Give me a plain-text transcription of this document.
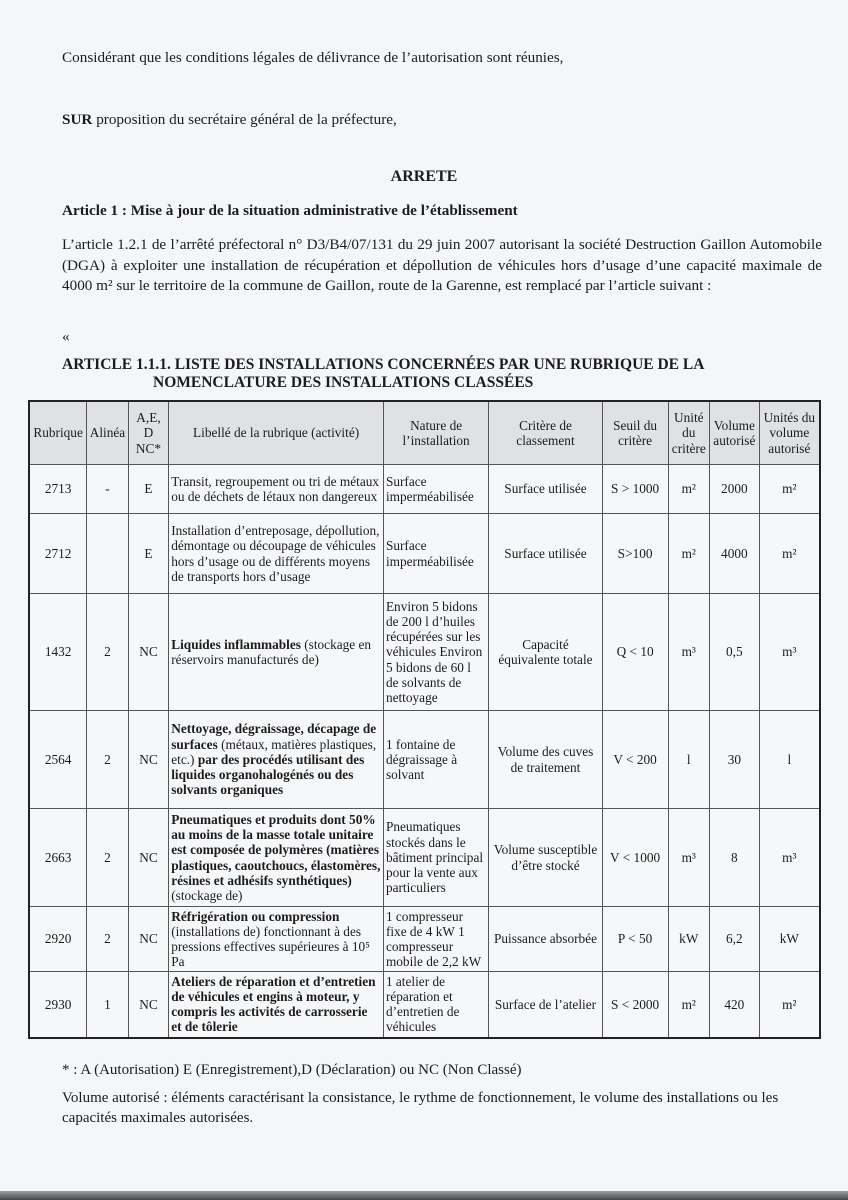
Considérant que les conditions légales de délivrance de l’autorisation sont réunies,
SUR proposition du secrétaire général de la préfecture,
ARRETE
Article 1 : Mise à jour de la situation administrative de l’établissement
L’article 1.2.1 de l’arrêté préfectoral n° D3/B4/07/131 du 29 juin 2007 autorisant la société Destruction Gaillon Automobile (DGA) à exploiter une installation de récupération et dépollution de véhicules hors d’usage d’une capacité maximale de 4000 m² sur le territoire de la commune de Gaillon, route de la Garenne, est remplacé par l’article suivant :
«
ARTICLE 1.1.1. LISTE DES INSTALLATIONS CONCERNÉES PAR UNE RUBRIQUE DE LA
NOMENCLATURE DES INSTALLATIONS CLASSÉES
Rubrique	Alinéa	A,E, D NC*	Libellé de la rubrique (activité)	Nature de l’installation	Critère de classement	Seuil du critère	Unité du critère	Volume autorisé	Unités du volume autorisé
2713	-	E	Transit, regroupement ou tri de métaux ou de déchets de létaux non dangereux	Surface imperméabilisée	Surface utilisée	S > 1000	m²	2000	m²
2712		E	Installation d’entreposage, dépollution, démontage ou découpage de véhicules hors d’usage ou de différents moyens de transports hors d’usage	Surface imperméabilisée	Surface utilisée	S>100	m²	4000	m²
1432	2	NC	Liquides inflammables (stockage en réservoirs manufacturés de)	Environ 5 bidons de 200 l d’huiles récupérées sur les véhicules Environ 5 bidons de 60 l de solvants de nettoyage	Capacité équivalente totale	Q < 10	m³	0,5	m³
2564	2	NC	Nettoyage, dégraissage, décapage de surfaces (métaux, matières plastiques, etc.) par des procédés utilisant des liquides organohalogénés ou des solvants organiques	1 fontaine de dégraissage à solvant	Volume des cuves de traitement	V < 200	l	30	l
2663	2	NC	Pneumatiques et produits dont 50% au moins de la masse totale unitaire est composée de polymères (matières plastiques, caoutchoucs, élastomères, résines et adhésifs synthétiques) (stockage de)	Pneumatiques stockés dans le bâtiment principal pour la vente aux particuliers	Volume susceptible d’être stocké	V < 1000	m³	8	m³
2920	2	NC	Réfrigération ou compression (installations de) fonctionnant à des pressions effectives supérieures à 10⁵ Pa	1 compresseur fixe de 4 kW 1 compresseur mobile de 2,2 kW	Puissance absorbée	P < 50	kW	6,2	kW
2930	1	NC	Ateliers de réparation et d’entretien de véhicules et engins à moteur, y compris les activités de carrosserie et de tôlerie	1 atelier de réparation et d’entretien de véhicules	Surface de l’atelier	S < 2000	m²	420	m²
* : A (Autorisation) E (Enregistrement),D (Déclaration) ou NC (Non Classé)
Volume autorisé : éléments caractérisant la consistance, le rythme de fonctionnement, le volume des installations ou les capacités maximales autorisées.
